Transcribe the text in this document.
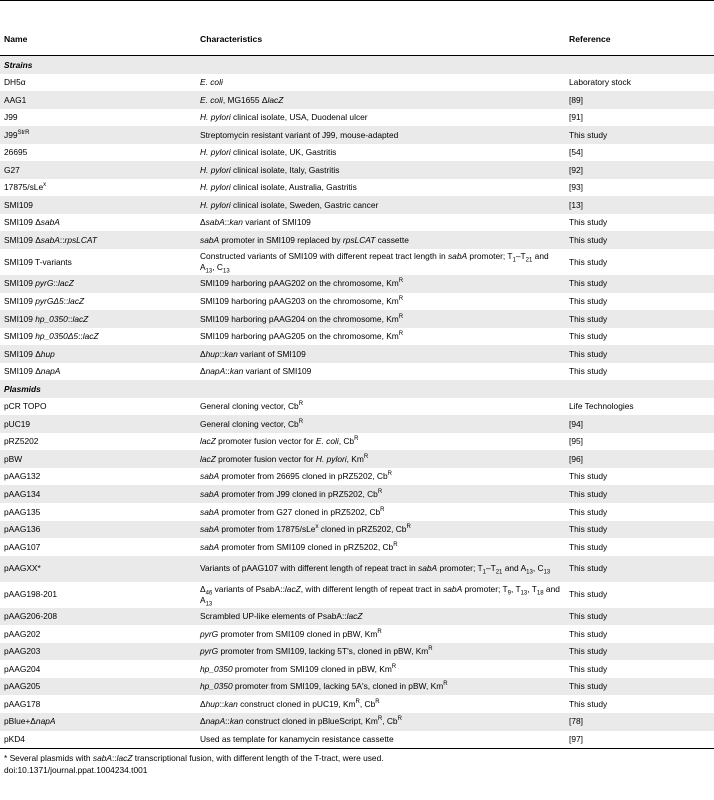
Name	Characteristics	Reference
Strains		
DH5α	E. coli	Laboratory stock
AAG1	E. coli, MG1655 ΔlacZ	[89]
J99	H. pylori clinical isolate, USA, Duodenal ulcer	[91]
$J99^{StrR}$	Streptomycin resistant variant of J99, mouse-adapted	This study
26695	H. pylori clinical isolate, UK, Gastritis	[54]
G27	H. pylori clinical isolate, Italy, Gastritis	[92]
17875/sLe$^x$	H. pylori clinical isolate, Australia, Gastritis	[93]
SMI109	H. pylori clinical isolate, Sweden, Gastric cancer	[13]
SMI109 ΔsabA	ΔsabA::kan variant of SMI109	This study
SMI109 ΔsabA::rpsLCAT	sabA promoter in SMI109 replaced by rpsLCAT cassette	This study
SMI109 T-variants	Constructed variants of SMI109 with different repeat tract length in sabA promoter; $T_1-T_{21}$ and $A_{13}$, $C_{13}$	This study
SMI109 pyrG::lacZ	SMI109 harboring pAAG202 on the chromosome, $Km^R$	This study
SMI109 pyrGΔ5::lacZ	SMI109 harboring pAAG203 on the chromosome, $Km^R$	This study
SMI109 hp_0350::lacZ	SMI109 harboring pAAG204 on the chromosome, $Km^R$	This study
SMI109 hp_0350Δ5::lacZ	SMI109 harboring pAAG205 on the chromosome, $Km^R$	This study
SMI109 Δhup	Δhup::kan variant of SMI109	This study
SMI109 ΔnapA	ΔnapA::kan variant of SMI109	This study
Plasmids		
pCR TOPO	General cloning vector, $Cb^R$	Life Technologies
pUC19	General cloning vector, $Cb^R$	[94]
pRZ5202	lacZ promoter fusion vector for E. coli, $Cb^R$	[95]
pBW	lacZ promoter fusion vector for H. pylori, $Km^R$	[96]
pAAG132	sabA promoter from 26695 cloned in pRZ5202, $Cb^R$	This study
pAAG134	sabA promoter from J99 cloned in pRZ5202, $Cb^R$	This study
pAAG135	sabA promoter from G27 cloned in pRZ5202, $Cb^R$	This study
pAAG136	sabA promoter from 17875/sLe$^x$ cloned in pRZ5202, $Cb^R$	This study
pAAG107	sabA promoter from SMI109 cloned in pRZ5202, $Cb^R$	This study
pAAGXX*	Variants of pAAG107 with different length of repeat tract in sabA promoter; $T_1-T_{21}$ and $A_{13}$, $C_{13}$	This study
pAAG198-201	$\Delta_{46}$ variants of PsabA::lacZ, with different length of repeat tract in sabA promoter; $T_9$, $T_{13}$, $T_{18}$ and $A_{13}$	This study
pAAG206-208	Scrambled UP-like elements of PsabA::lacZ	This study
pAAG202	pyrG promoter from SMI109 cloned in pBW, $Km^R$	This study
pAAG203	pyrG promoter from SMI109, lacking 5T's, cloned in pBW, $Km^R$	This study
pAAG204	hp_0350 promoter from SMI109 cloned in pBW, $Km^R$	This study
pAAG205	hp_0350 promoter from SMI109, lacking 5A's, cloned in pBW, $Km^R$	This study
pAAG178	Δhup::kan construct cloned in pUC19, $Km^R$, $Cb^R$	This study
pBlue+ΔnapA	ΔnapA::kan construct cloned in pBlueScript, $Km^R$, $Cb^R$	[78]
pKD4	Used as template for kanamycin resistance cassette	[97]
* Several plasmids with sabA::lacZ transcriptional fusion, with different length of the T-tract, were used.
doi:10.1371/journal.ppat.1004234.t001
